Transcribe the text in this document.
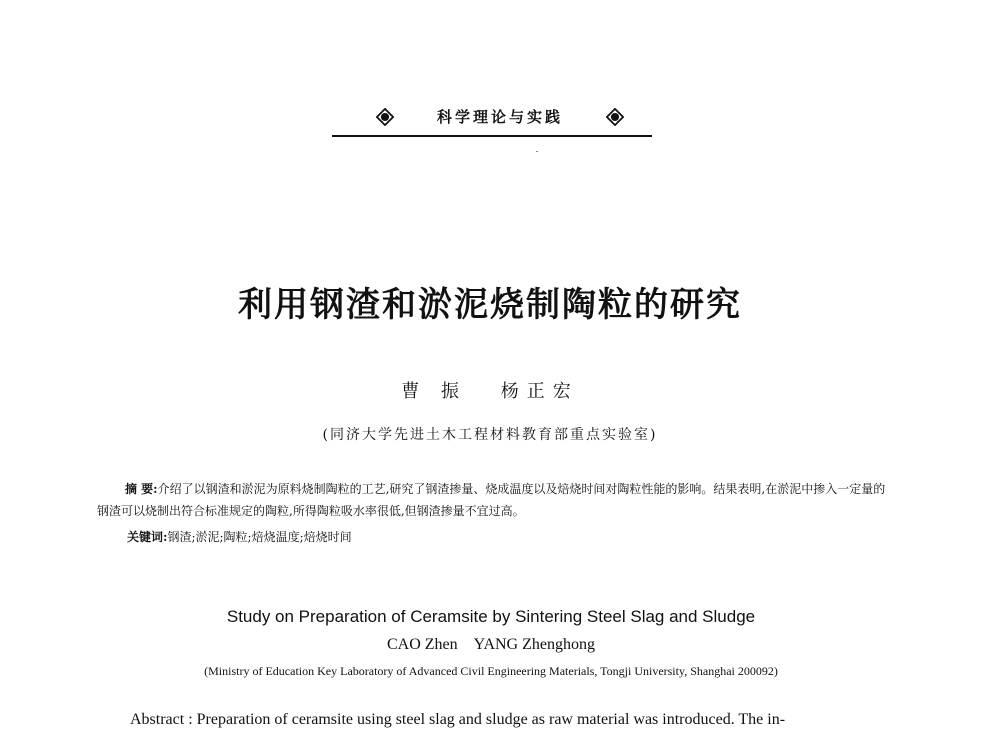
科学理论与实践
利用钢渣和淤泥烧制陶粒的研究
曹 振 杨正宏
(同济大学先进土木工程材料教育部重点实验室)
摘 要:介绍了以钢渣和淤泥为原料烧制陶粒的工艺,研究了钢渣掺量、烧成温度以及焙烧时间对陶粒性能的影响。结果表明,在淤泥中掺入一定量的钢渣可以烧制出符合标准规定的陶粒,所得陶粒吸水率很低,但钢渣掺量不宜过高。
关键词:钢渣;淤泥;陶粒;焙烧温度;焙烧时间
Study on Preparation of Ceramsite by Sintering Steel Slag and Sludge
CAO Zhen YANG Zhenghong
(Ministry of Education Key Laboratory of Advanced Civil Engineering Materials, Tongji University, Shanghai 200092)
Abstract : Preparation of ceramsite using steel slag and sludge as raw material was introduced. The in-
